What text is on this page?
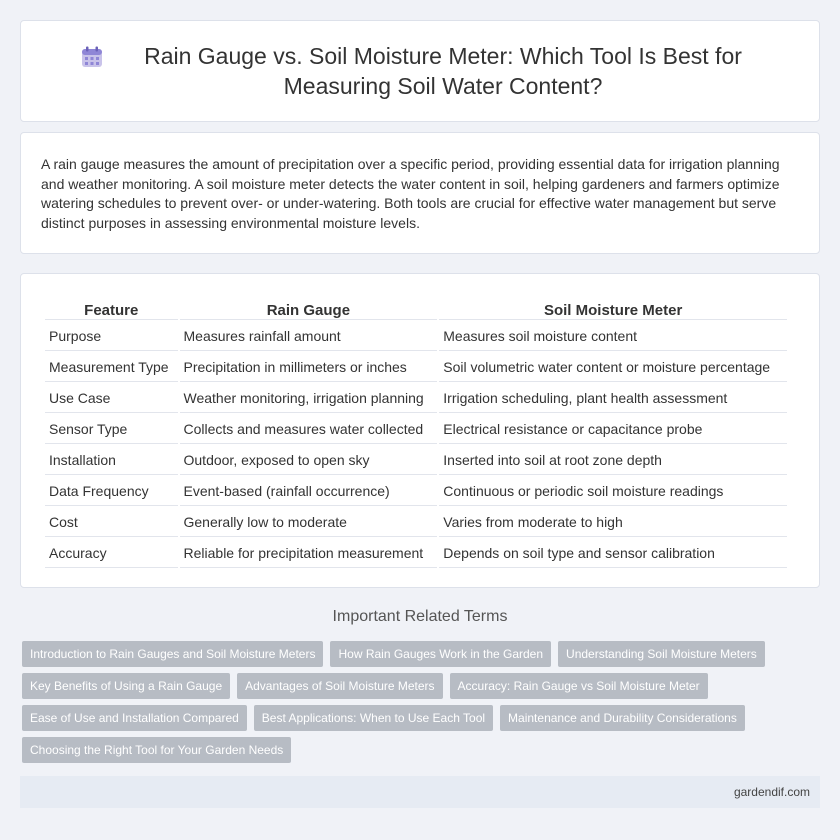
Rain Gauge vs. Soil Moisture Meter: Which Tool Is Best for Measuring Soil Water Content?

A rain gauge measures the amount of precipitation over a specific period, providing essential data for irrigation planning and weather monitoring. A soil moisture meter detects the water content in soil, helping gardeners and farmers optimize watering schedules to prevent over- or under-watering. Both tools are crucial for effective water management but serve distinct purposes in assessing environmental moisture levels.

Feature	Rain Gauge	Soil Moisture Meter
Purpose	Measures rainfall amount	Measures soil moisture content
Measurement Type	Precipitation in millimeters or inches	Soil volumetric water content or moisture percentage
Use Case	Weather monitoring, irrigation planning	Irrigation scheduling, plant health assessment
Sensor Type	Collects and measures water collected	Electrical resistance or capacitance probe
Installation	Outdoor, exposed to open sky	Inserted into soil at root zone depth
Data Frequency	Event-based (rainfall occurrence)	Continuous or periodic soil moisture readings
Cost	Generally low to moderate	Varies from moderate to high
Accuracy	Reliable for precipitation measurement	Depends on soil type and sensor calibration
Important Related Terms
Introduction to Rain Gauges and Soil Moisture Meters	How Rain Gauges Work in the Garden	Understanding Soil Moisture Meters
Key Benefits of Using a Rain Gauge	Advantages of Soil Moisture Meters	Accuracy: Rain Gauge vs Soil Moisture Meter
Ease of Use and Installation Compared	Best Applications: When to Use Each Tool	Maintenance and Durability Considerations
Choosing the Right Tool for Your Garden Needs
gardendif.com
